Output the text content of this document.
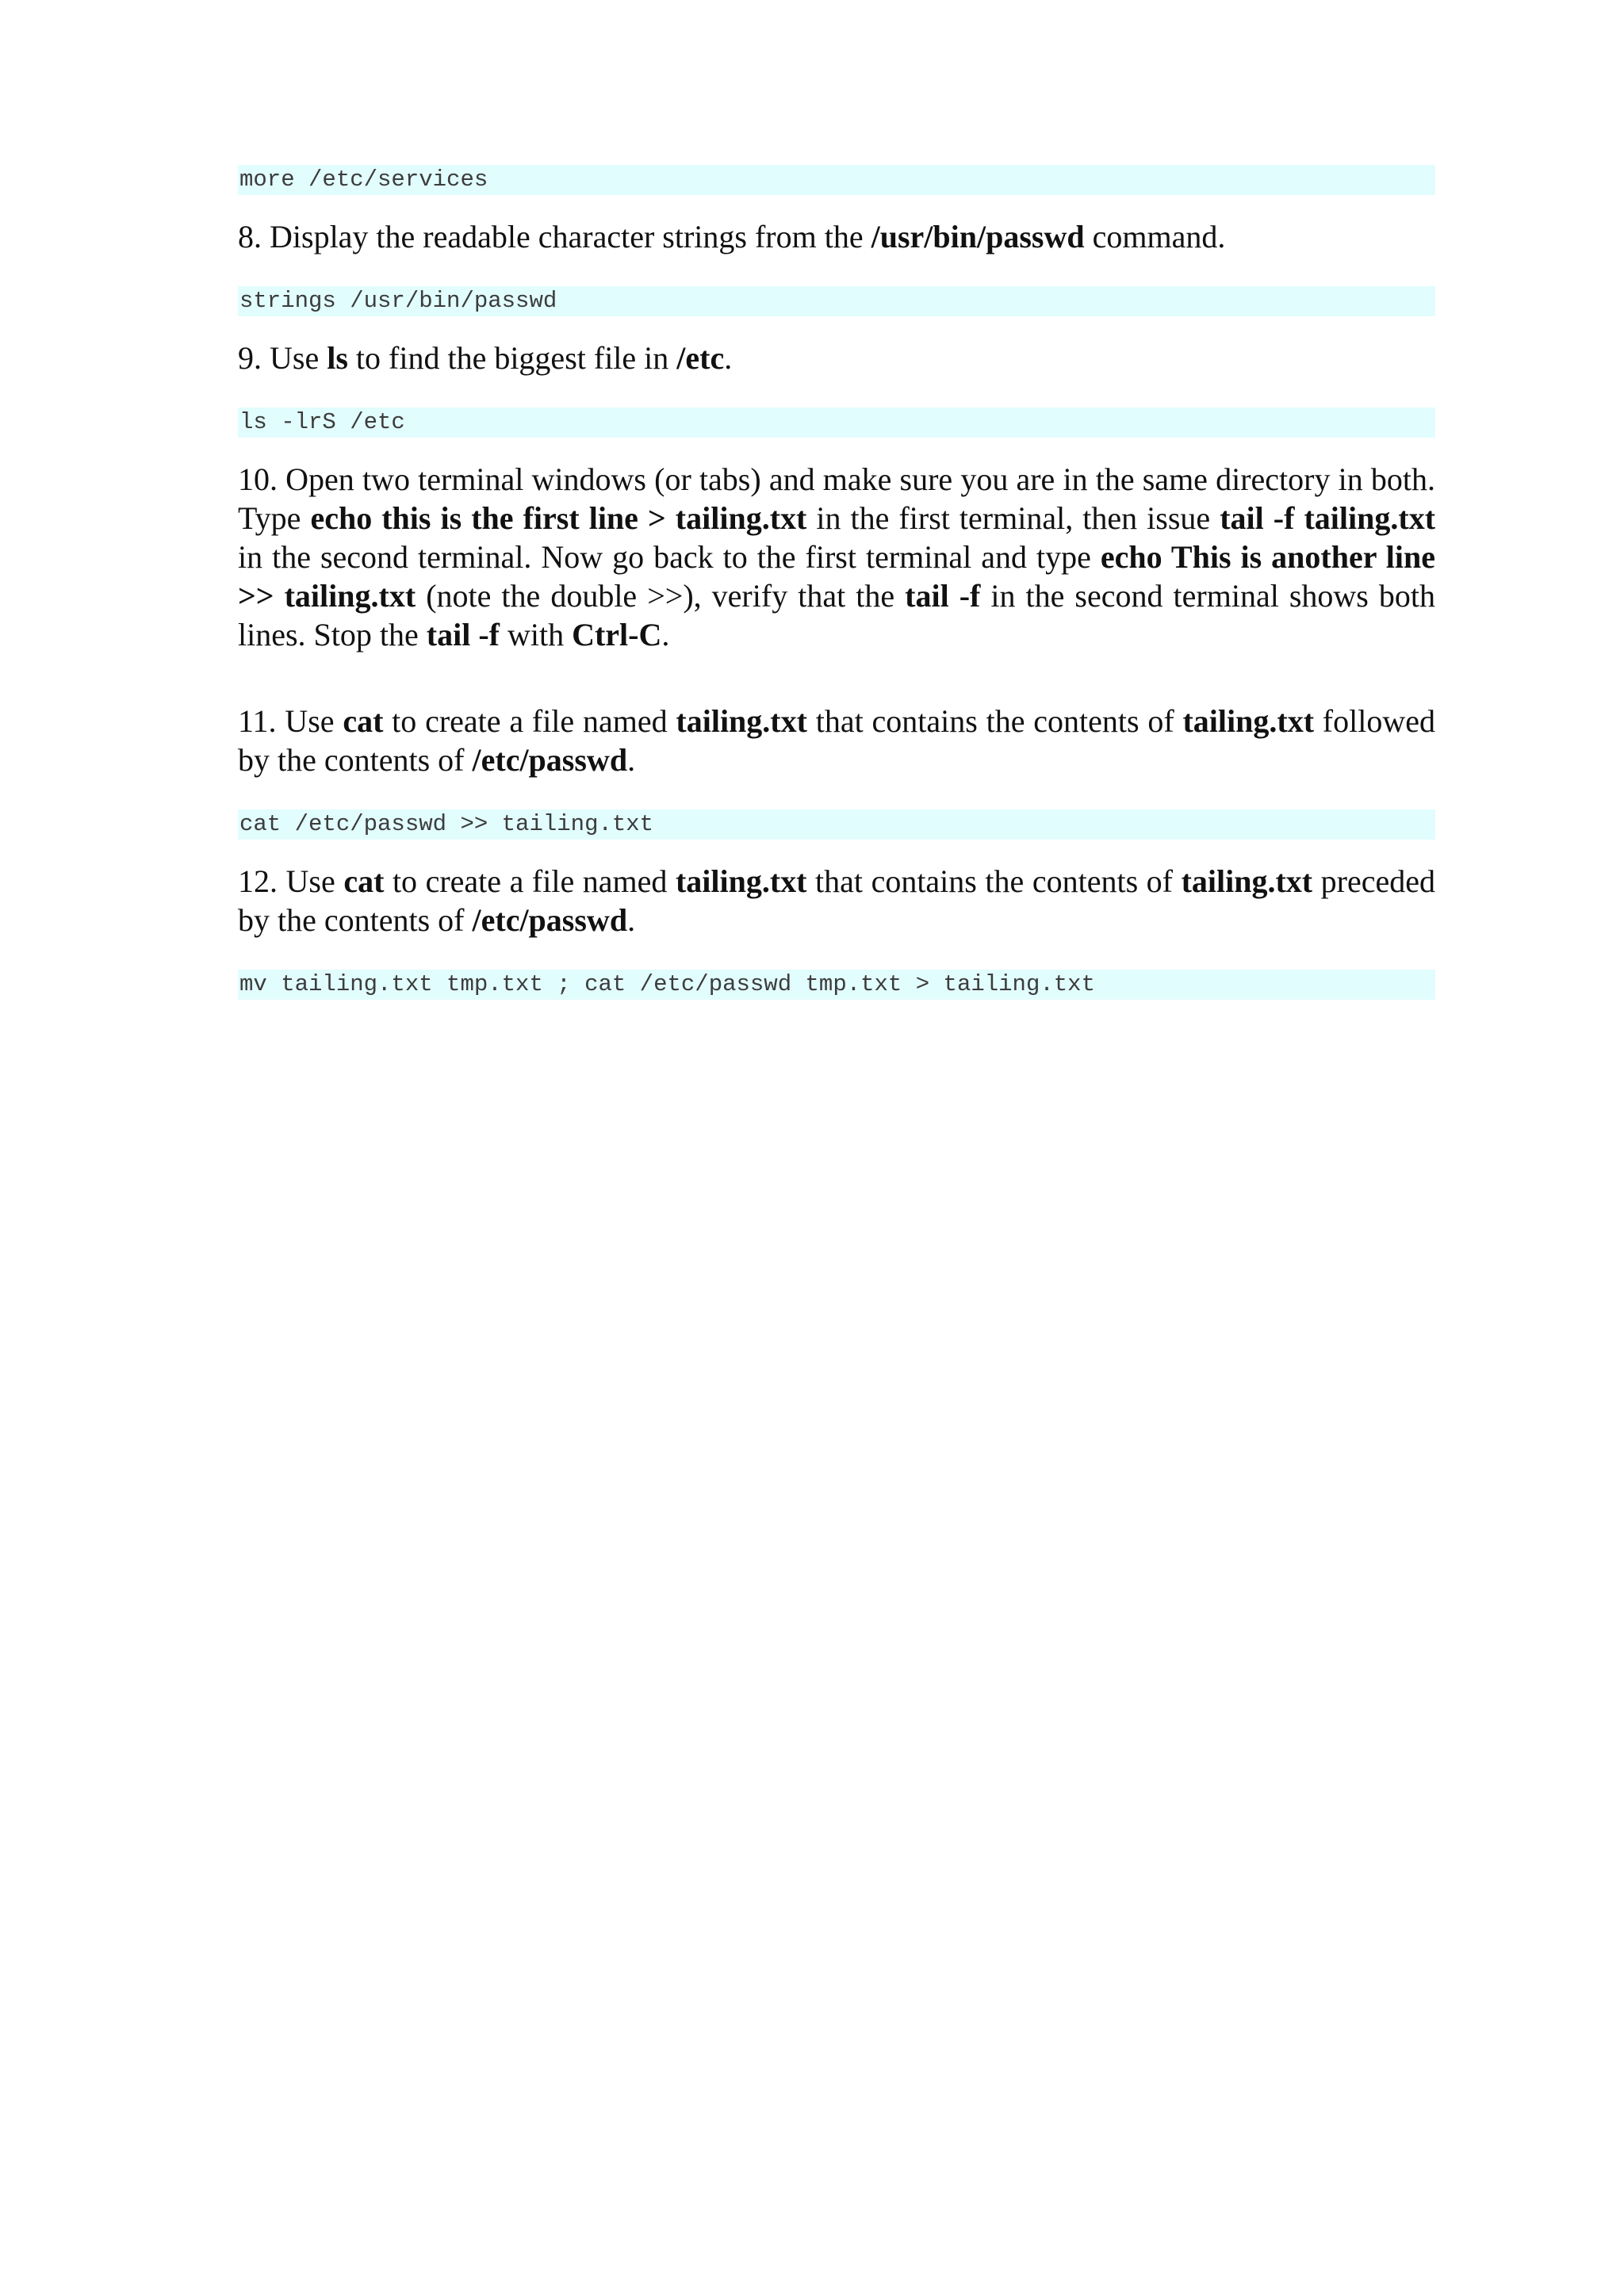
more /etc/services

8. Display the readable character strings from the /usr/bin/passwd command.

strings /usr/bin/passwd

9. Use ls to find the biggest file in /etc.

ls -lrS /etc

10. Open two terminal windows (or tabs) and make sure you are in the same directory in both. Type echo this is the first line > tailing.txt in the first terminal, then issue tail -f tailing.txt in the second terminal. Now go back to the first terminal and type echo This is another line >> tailing.txt (note the double >>), verify that the tail -f in the second terminal shows both lines. Stop the tail -f with Ctrl-C.

11. Use cat to create a file named tailing.txt that contains the contents of tailing.txt followed by the contents of /etc/passwd.

cat /etc/passwd >> tailing.txt

12. Use cat to create a file named tailing.txt that contains the contents of tailing.txt preceded by the contents of /etc/passwd.

mv tailing.txt tmp.txt ; cat /etc/passwd tmp.txt > tailing.txt
